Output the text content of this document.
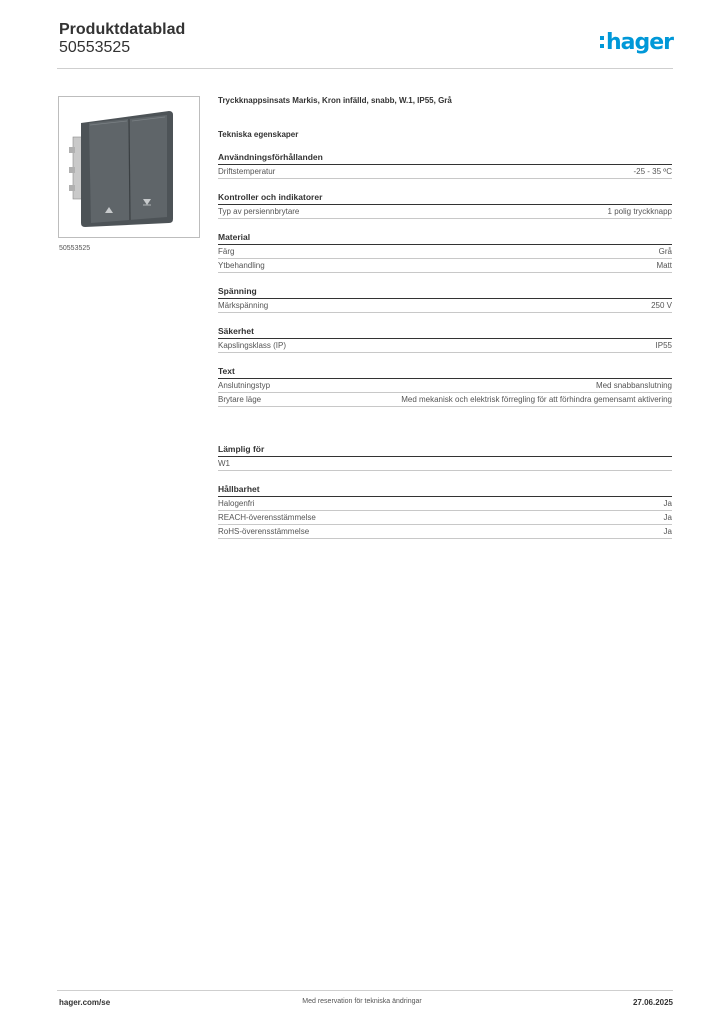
Produktdatablad
50553525	hager
50553525
Tryckknappsinsats Markis, Kron infälld, snabb, W.1, IP55, Grå
Tekniska egenskaper
Användningsförhållanden
Driftstemperatur	-25 - 35 ºC
Kontroller och indikatorer
Typ av persiennbrytare	1 polig tryckknapp
Material
Färg	Grå
Ytbehandling	Matt
Spänning
Märkspänning	250 V
Säkerhet
Kapslingsklass (IP)	IP55
Text
Anslutningstyp	Med snabbanslutning
Brytare läge	Med mekanisk och elektrisk förregling för att förhindra gemensamt aktivering
Lämplig för
W1
Hållbarhet
Halogenfri	Ja
REACH-överensstämmelse	Ja
RoHS-överensstämmelse	Ja
hager.com/se	Med reservation för tekniska ändringar	27.06.2025
